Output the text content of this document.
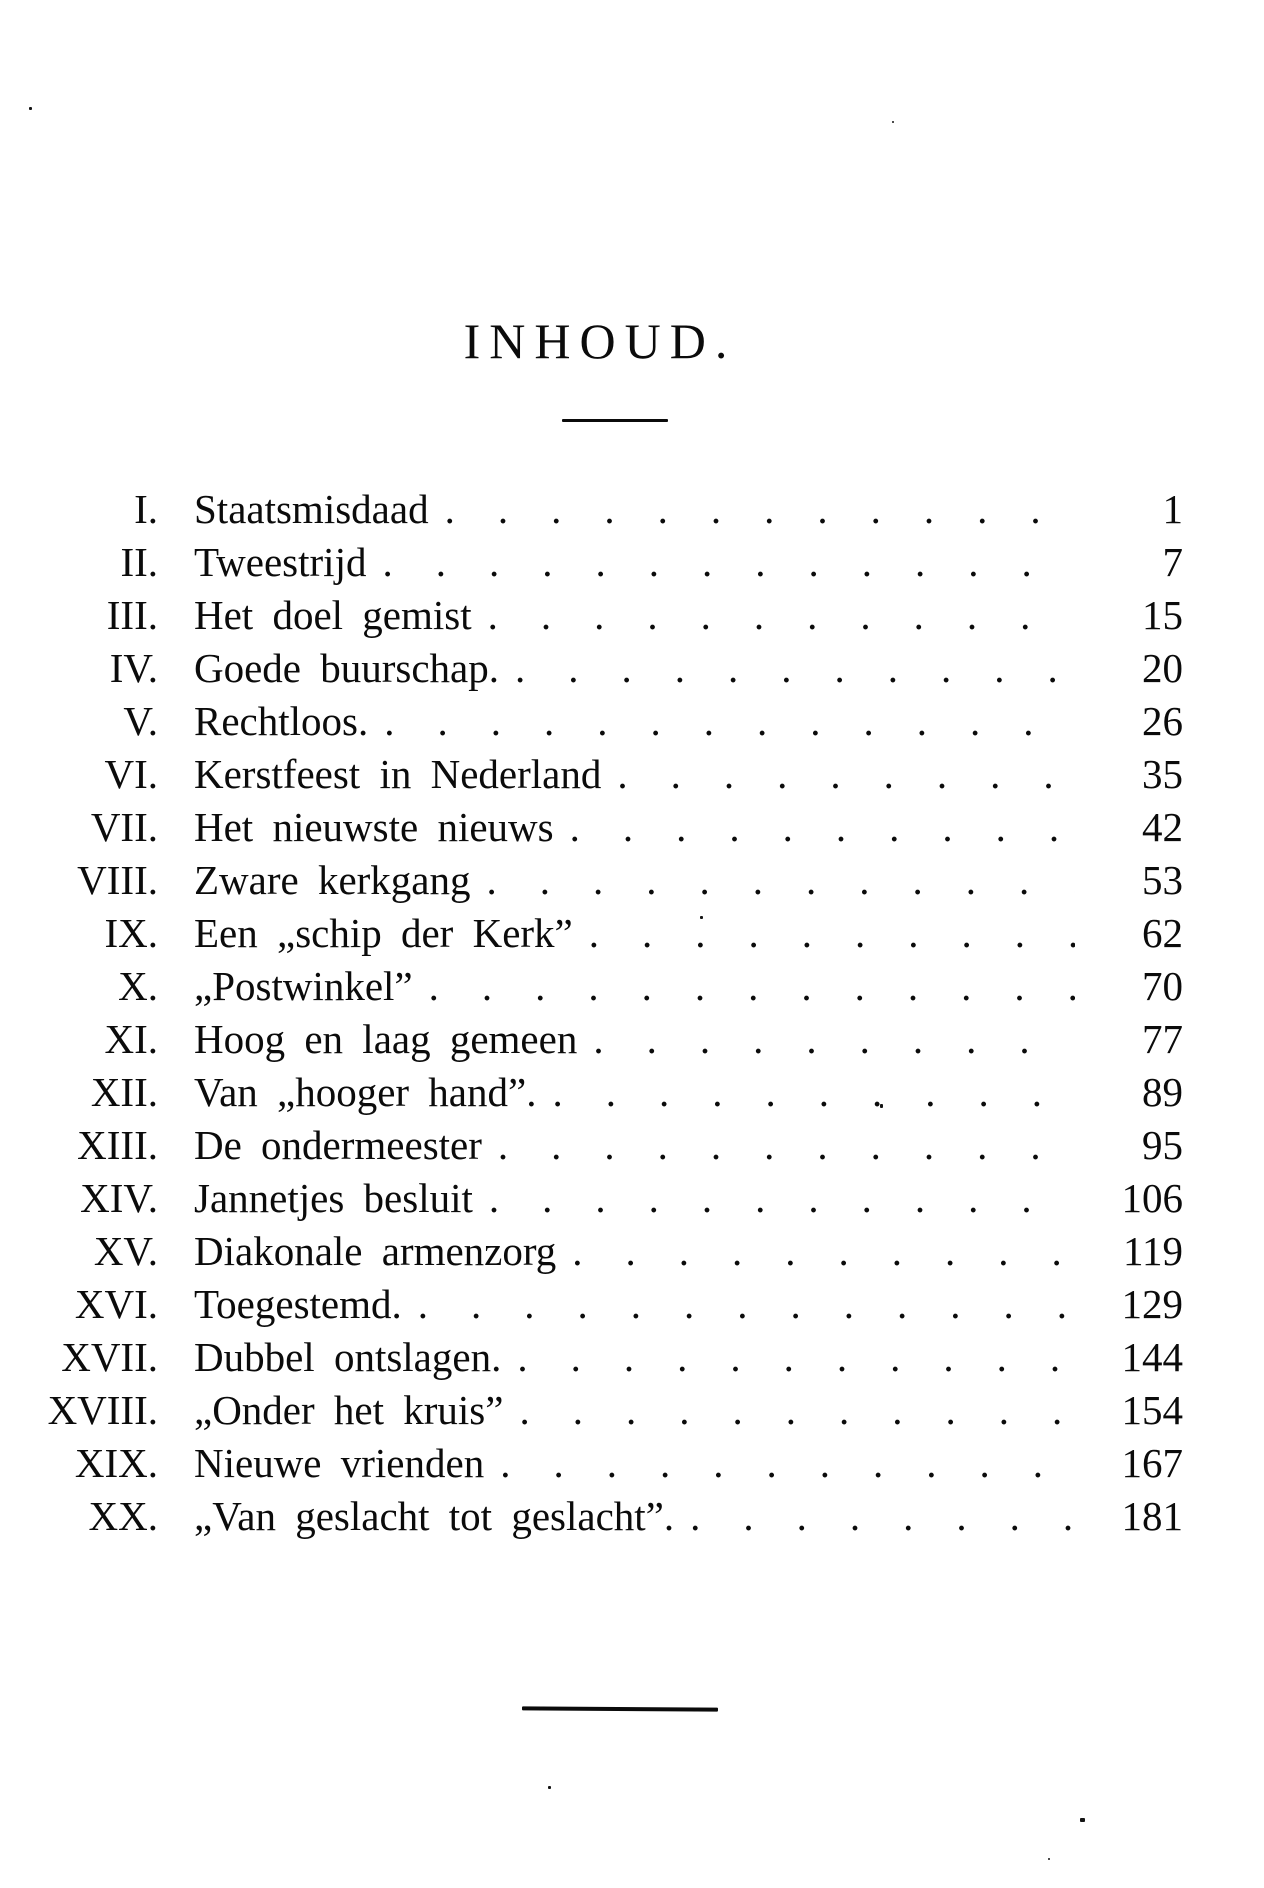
INHOUD.
I. Staatsmisdaad .....	1
II. Tweestrijd .....	7
III. Het doel gemist .....	15
IV. Goede buurschap. .....	20
V. Rechtloos. .....	26
VI. Kerstfeest in Nederland .....	35
VII. Het nieuwste nieuws .....	42
VIII. Zware kerkgang .....	53
IX. Een „schip der Kerk” .....	62
X. „Postwinkel” .....	70
XI. Hoog en laag gemeen .....	77
XII. Van „hooger hand”. .....	89
XIII. De ondermeester .....	95
XIV. Jannetjes besluit .....	106
XV. Diakonale armenzorg .....	119
XVI. Toegestemd. .....	129
XVII. Dubbel ontslagen. .....	144
XVIII. „Onder het kruis” .....	154
XIX. Nieuwe vrienden .....	167
XX. „Van geslacht tot geslacht”. .....	181
